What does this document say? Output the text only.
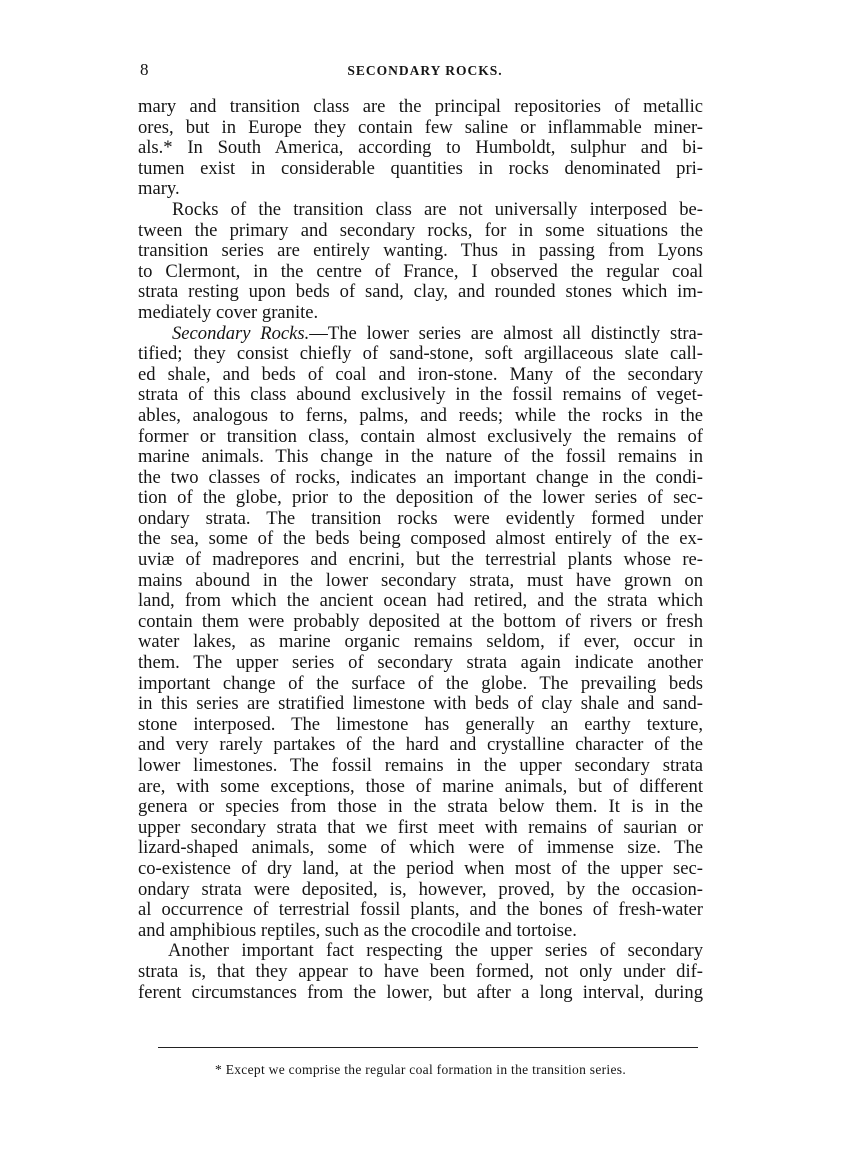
8	SECONDARY ROCKS.
mary and transition class are the principal repositories of metallic
ores, but in Europe they contain few saline or inflammable miner-
als.* In South America, according to Humboldt, sulphur and bi-
tumen exist in considerable quantities in rocks denominated pri-
mary.
Rocks of the transition class are not universally interposed be-
tween the primary and secondary rocks, for in some situations the
transition series are entirely wanting. Thus in passing from Lyons
to Clermont, in the centre of France, I observed the regular coal
strata resting upon beds of sand, clay, and rounded stones which im-
mediately cover granite.
Secondary Rocks.—The lower series are almost all distinctly stra-
tified; they consist chiefly of sand-stone, soft argillaceous slate call-
ed shale, and beds of coal and iron-stone. Many of the secondary
strata of this class abound exclusively in the fossil remains of veget-
ables, analogous to ferns, palms, and reeds; while the rocks in the
former or transition class, contain almost exclusively the remains of
marine animals. This change in the nature of the fossil remains in
the two classes of rocks, indicates an important change in the condi-
tion of the globe, prior to the deposition of the lower series of sec-
ondary strata. The transition rocks were evidently formed under
the sea, some of the beds being composed almost entirely of the ex-
uviæ of madrepores and encrini, but the terrestrial plants whose re-
mains abound in the lower secondary strata, must have grown on
land, from which the ancient ocean had retired, and the strata which
contain them were probably deposited at the bottom of rivers or fresh
water lakes, as marine organic remains seldom, if ever, occur in
them. The upper series of secondary strata again indicate another
important change of the surface of the globe. The prevailing beds
in this series are stratified limestone with beds of clay shale and sand-
stone interposed. The limestone has generally an earthy texture,
and very rarely partakes of the hard and crystalline character of the
lower limestones. The fossil remains in the upper secondary strata
are, with some exceptions, those of marine animals, but of different
genera or species from those in the strata below them. It is in the
upper secondary strata that we first meet with remains of saurian or
lizard-shaped animals, some of which were of immense size. The
co-existence of dry land, at the period when most of the upper sec-
ondary strata were deposited, is, however, proved, by the occasion-
al occurrence of terrestrial fossil plants, and the bones of fresh-water
and amphibious reptiles, such as the crocodile and tortoise.
Another important fact respecting the upper series of secondary
strata is, that they appear to have been formed, not only under dif-
ferent circumstances from the lower, but after a long interval, during
* Except we comprise the regular coal formation in the transition series.
